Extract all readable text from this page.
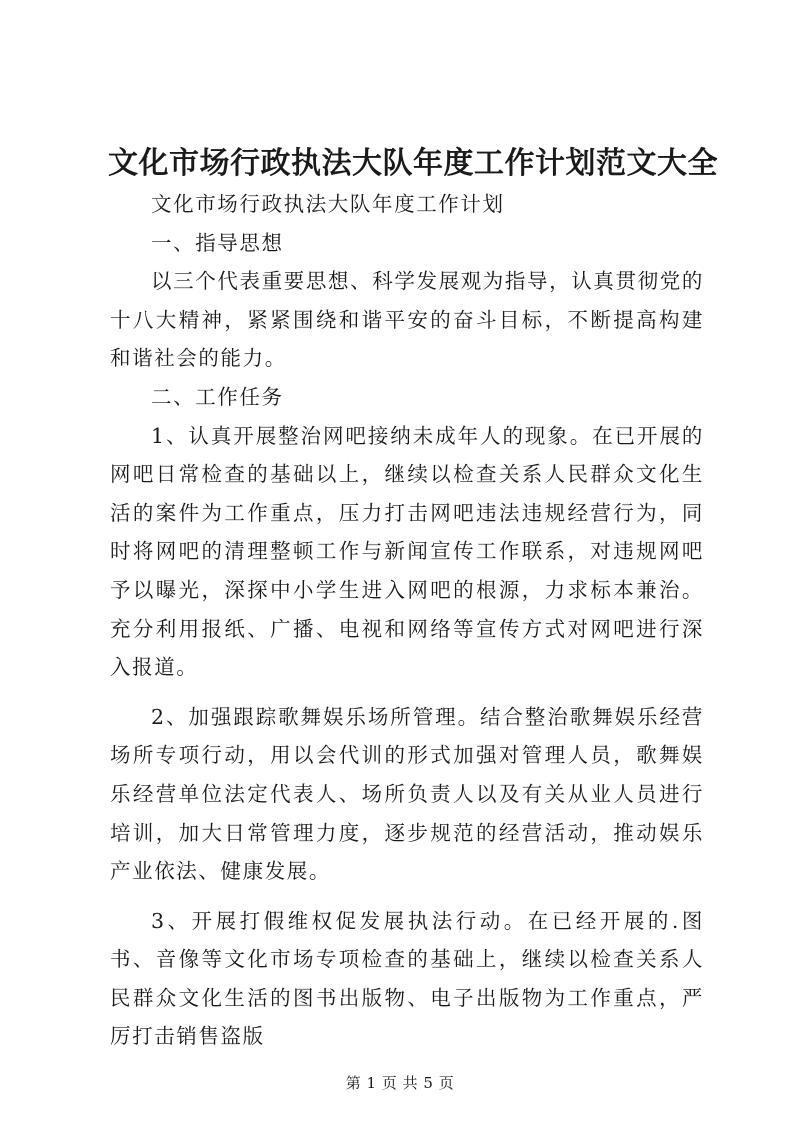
文化市场行政执法大队年度工作计划范文大全

文化市场行政执法大队年度工作计划

一、指导思想

以三个代表重要思想、科学发展观为指导，认真贯彻党的十八大精神，紧紧围绕和谐平安的奋斗目标，不断提高构建和谐社会的能力。

二、工作任务

1、认真开展整治网吧接纳未成年人的现象。在已开展的网吧日常检查的基础以上，继续以检查关系人民群众文化生活的案件为工作重点，压力打击网吧违法违规经营行为，同时将网吧的清理整顿工作与新闻宣传工作联系，对违规网吧予以曝光，深探中小学生进入网吧的根源，力求标本兼治。充分利用报纸、广播、电视和网络等宣传方式对网吧进行深入报道。

2、加强跟踪歌舞娱乐场所管理。结合整治歌舞娱乐经营场所专项行动，用以会代训的形式加强对管理人员，歌舞娱乐经营单位法定代表人、场所负责人以及有关从业人员进行培训，加大日常管理力度，逐步规范的经营活动，推动娱乐产业依法、健康发展。

3、开展打假维权促发展执法行动。在已经开展的.图书、音像等文化市场专项检查的基础上，继续以检查关系人民群众文化生活的图书出版物、电子出版物为工作重点，严厉打击销售盗版

第 1 页 共 5 页
